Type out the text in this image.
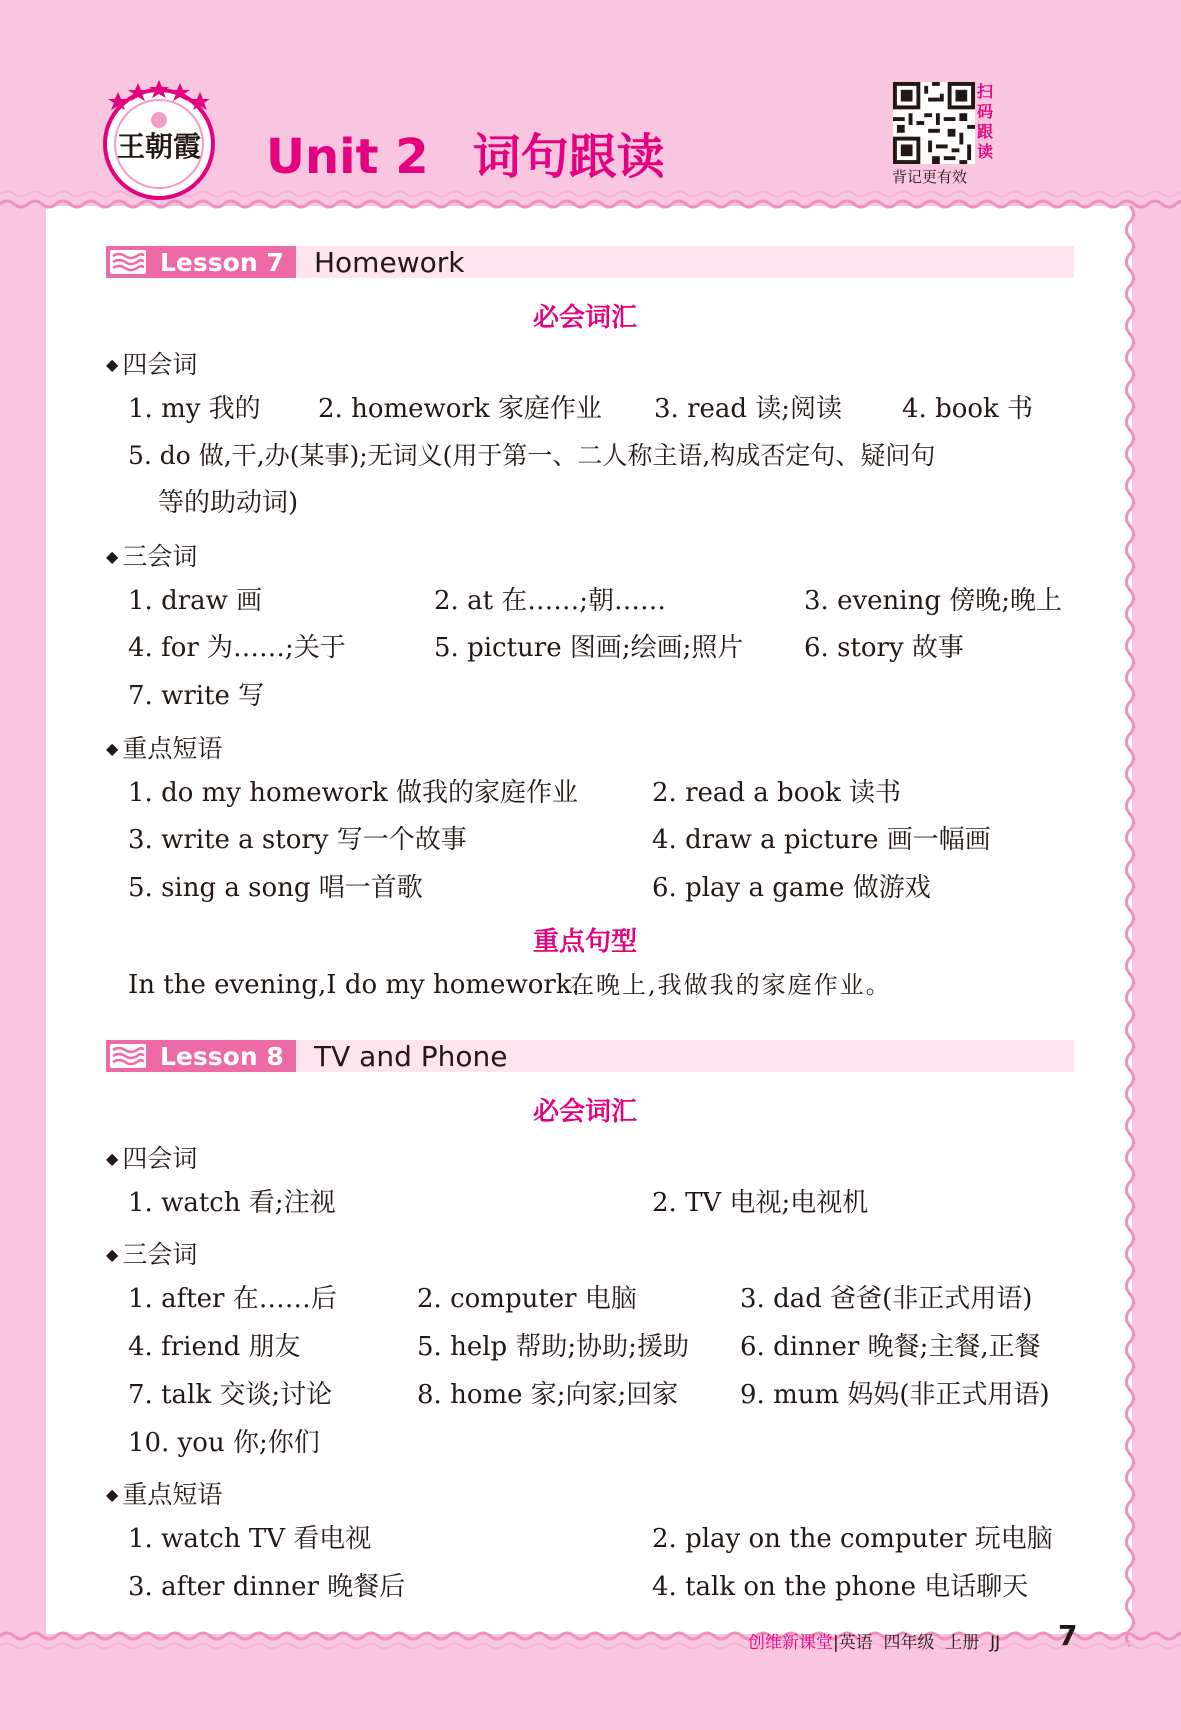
王朝霞 Unit 2 词句跟读
扫
码
跟
读
背记更有效
Lesson 7 Homework
必会词汇
◆ 四会词
1. my 我的 2. homework 家庭作业 3. read 读;阅读 4. book 书
5. do 做,干,办(某事);无词义(用于第一、二人称主语,构成否定句、疑问句
等的助动词)
◆ 三会词
1. draw 画	2. at 在……;朝……	3. evening 傍晚;晚上
4. for 为……;关于	5. picture 图画;绘画;照片 6. story 故事
7. write 写
◆ 重点短语
1. do my homework 做我的家庭作业	2. read a book 读书
3. write a story 写一个故事	4. draw a picture 画一幅画
5. sing a song 唱一首歌	6. play a game 做游戏
重点句型
In the evening,I do my homework.
在晚上,我做我的家庭作业。
Lesson 8 TV and Phone
必会词汇
◆ 四会词
1. watch 看;注视	2. TV 电视;电视机
◆ 三会词
1. after 在……后	2. computer 电脑	3. dad 爸爸(非正式用语)
4. friend 朋友	5. help 帮助;协助;援助 6. dinner 晚餐;主餐,正餐
7. talk 交谈;讨论	8. home 家;向家;回家 9. mum 妈妈(非正式用语)
10. you 你;你们
◆ 重点短语
1. watch TV 看电视	2. play on the computer 玩电脑
3. after dinner 晚餐后	4. talk on the phone 电话聊天
创维新课堂|英语  四年级  上册  JJ 7
